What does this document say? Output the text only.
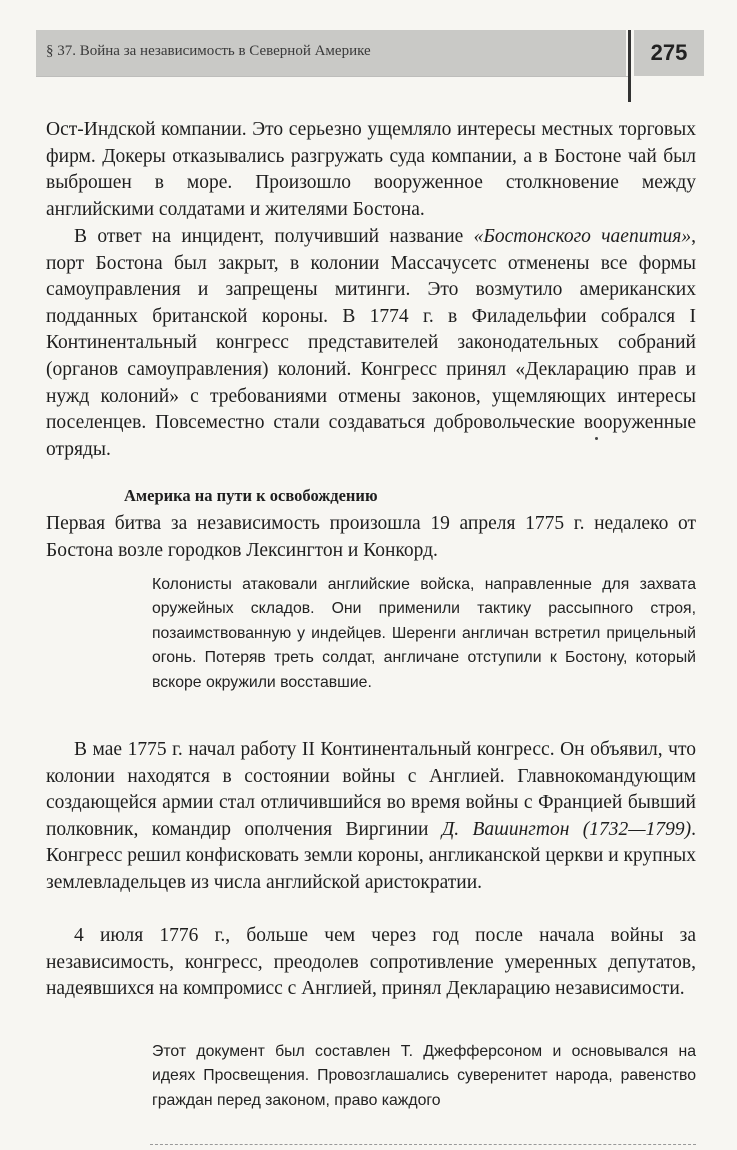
§ 37. Война за независимость в Северной Америке	275

Ост-Индской компании. Это серьезно ущемляло интересы местных торговых фирм. Докеры отказывались разгружать суда компании, а в Бостоне чай был выброшен в море. Произошло вооруженное столкновение между английскими солдатами и жителями Бостона.

В ответ на инцидент, получивший название «Бостонского чаепития», порт Бостона был закрыт, в колонии Массачусетс отменены все формы самоуправления и запрещены митинги. Это возмутило американских подданных британской короны. В 1774 г. в Филадельфии собрался I Континентальный конгресс представителей законодательных собраний (органов самоуправления) колоний. Конгресс принял «Декларацию прав и нужд колоний» с требованиями отмены законов, ущемляющих интересы поселенцев. Повсеместно стали создаваться добровольческие вооруженные отряды.

Америка на пути к освобождению

Первая битва за независимость произошла 19 апреля 1775 г. недалеко от Бостона возле городков Лексингтон и Конкорд.

Колонисты атаковали английские войска, направленные для захвата оружейных складов. Они применили тактику рассыпного строя, позаимствованную у индейцев. Шеренги англичан встретил прицельный огонь. Потеряв треть солдат, англичане отступили к Бостону, который вскоре окружили восставшие.

В мае 1775 г. начал работу II Континентальный конгресс. Он объявил, что колонии находятся в состоянии войны с Англией. Главнокомандующим создающейся армии стал отличившийся во время войны с Францией бывший полковник, командир ополчения Виргинии Д. Вашингтон (1732—1799). Конгресс решил конфисковать земли короны, англиканской церкви и крупных землевладельцев из числа английской аристократии.

4 июля 1776 г., больше чем через год после начала войны за независимость, конгресс, преодолев сопротивление умеренных депутатов, надеявшихся на компромисс с Англией, принял Декларацию независимости.

Этот документ был составлен Т. Джефферсоном и основывался на идеях Просвещения. Провозглашались суверенитет народа, равенство граждан перед законом, право каждого
